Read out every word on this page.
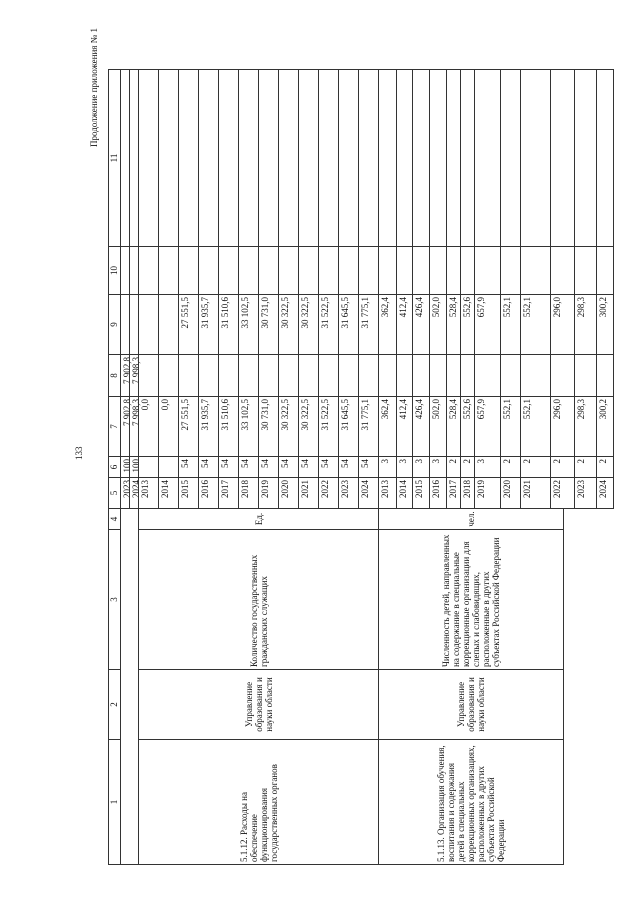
133
Продолжение приложения № 1
1
2
3
4
5
6
7
8
9
10
11
2023
100
7 902,8
7 902,8
2024
100
7 998,3
7 998,3
5.1.12. Расходы на обеспечение функционирования государственных органов
Управление образования и науки области
Количество государственных гражданских служащих
Ед.
2013
0,0
2014
0,0
2015
54
27 551,5
27 551,5
2016
54
31 935,7
31 935,7
2017
54
31 510,6
31 510,6
2018
54
33 102,5
33 102,5
2019
54
30 731,0
30 731,0
2020
54
30 322,5
30 322,5
2021
54
30 322,5
30 322,5
2022
54
31 522,5
31 522,5
2023
54
31 645,5
31 645,5
2024
54
31 775,1
31 775,1
5.1.13. Организация обучения, воспитания и содержания детей в специальных коррекционных организациях, расположенных в других субъектах Российской Федерации
Управление образования и науки области
Численность детей, направленных на содержание в специальные коррекционные организации для слепых и слабовидящих, расположенные в других субъектах Российской Федерации
чел.
2013
3
362,4
362,4
2014
3
412,4
412,4
2015
3
426,4
426,4
2016
3
502,0
502,0
2017
2
528,4
528,4
2018
2
552,6
552,6
2019
3
657,9
657,9
2020
2
552,1
552,1
2021
2
552,1
552,1
2022
2
296,0
296,0
2023
2
298,3
298,3
2024
2
300,2
300,2
